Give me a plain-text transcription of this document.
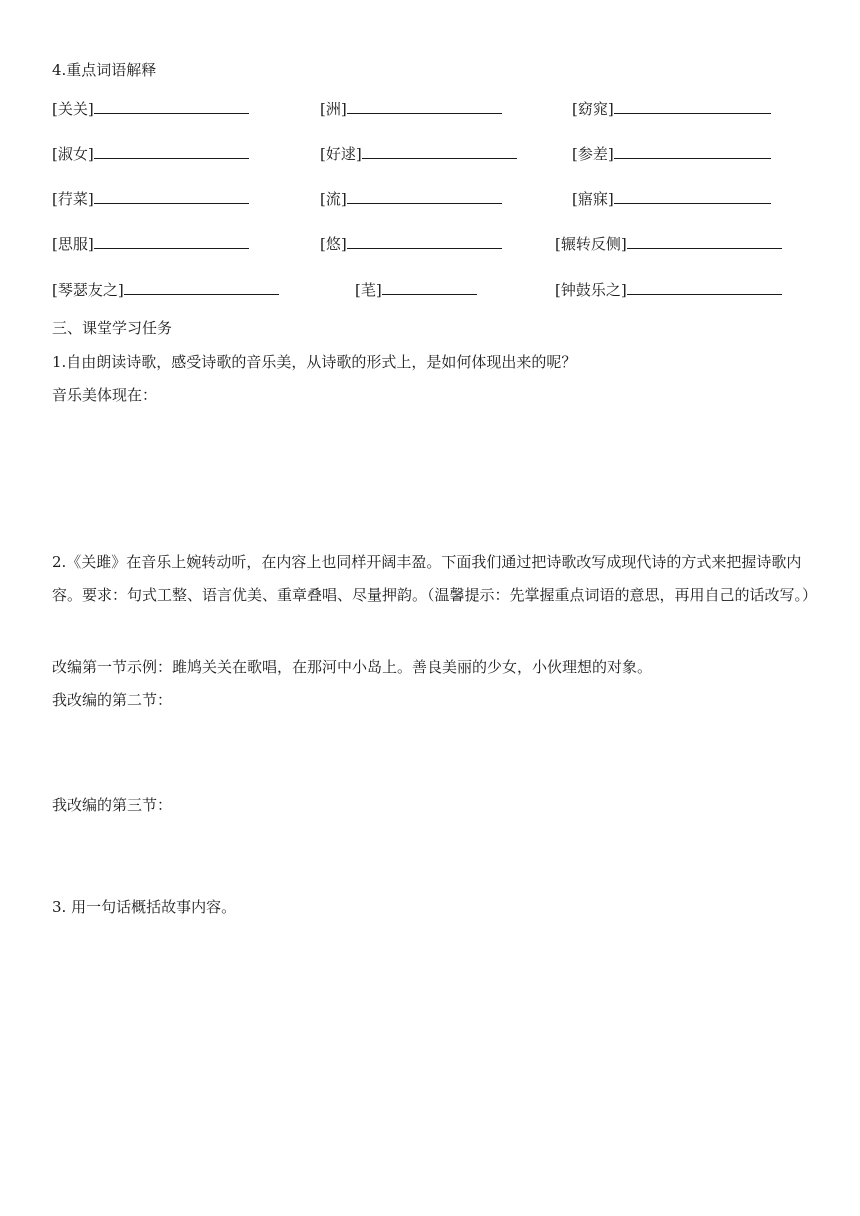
4.重点词语解释
[关关]	[洲]	[窈窕]
[淑女]	[好逑]	[参差]
[荇菜]	[流]	[寤寐]
[思服]	[悠]	[辗转反侧]
[琴瑟友之]	[芼]	[钟鼓乐之]
三、课堂学习任务
1.自由朗读诗歌，感受诗歌的音乐美，从诗歌的形式上，是如何体现出来的呢？
音乐美体现在：
2.《关雎》在音乐上婉转动听，在内容上也同样开阔丰盈。下面我们通过把诗歌改写成现代诗的方式来把握诗歌内容。要求：句式工整、语言优美、重章叠唱、尽量押韵。（温馨提示：先掌握重点词语的意思，再用自己的话改写。）
改编第一节示例：雎鸠关关在歌唱，在那河中小岛上。善良美丽的少女，小伙理想的对象。
我改编的第二节：
我改编的第三节：
3. 用一句话概括故事内容。
